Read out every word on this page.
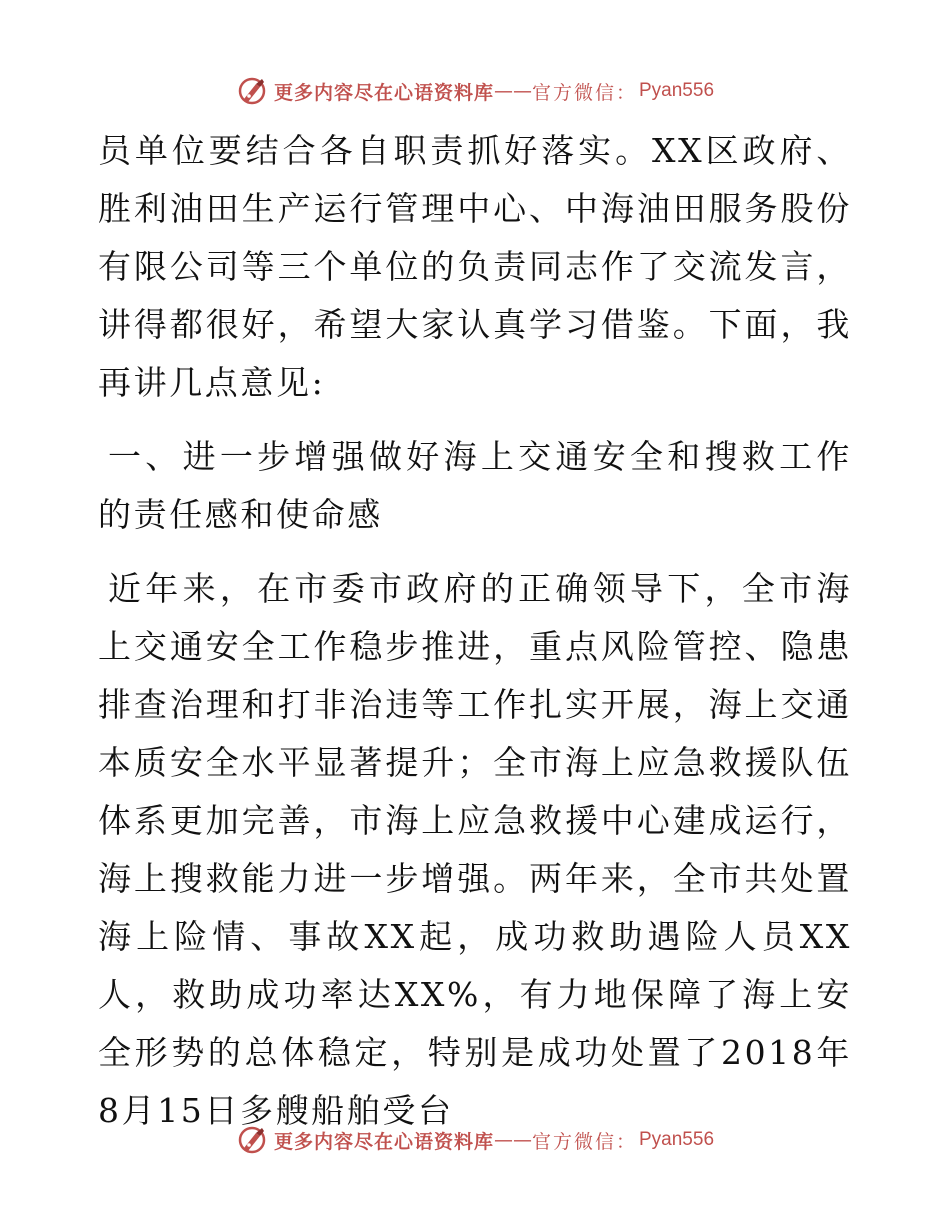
更多内容尽在心语资料库 —— 官方微信： Pyan556

员单位要结合各自职责抓好落实。XX区政府、胜利油田生产运行管理中心、中海油田服务股份有限公司等三个单位的负责同志作了交流发言，讲得都很好，希望大家认真学习借鉴。下面，我再讲几点意见:

一、进一步增强做好海上交通安全和搜救工作的责任感和使命感

近年来，在市委市政府的正确领导下，全市海上交通安全工作稳步推进，重点风险管控、隐患排查治理和打非治违等工作扎实开展，海上交通本质安全水平显著提升；全市海上应急救援队伍体系更加完善，市海上应急救援中心建成运行，海上搜救能力进一步增强。两年来，全市共处置海上险情、事故XX起，成功救助遇险人员XX人，救助成功率达XX%，有力地保障了海上安全形势的总体稳定，特别是成功处置了2018年8月15日多艘船舶受台

更多内容尽在心语资料库 —— 官方微信： Pyan556
